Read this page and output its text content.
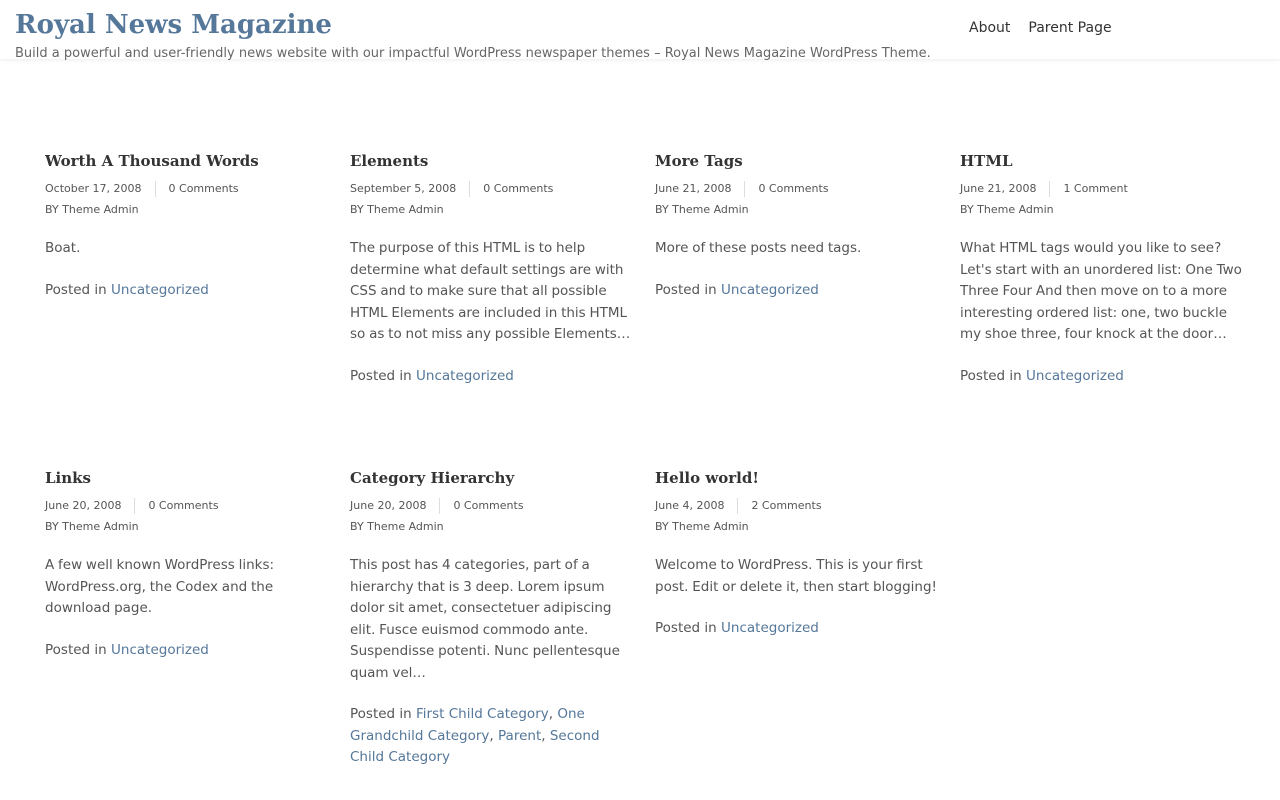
Royal News Magazine

Build a powerful and user-friendly news website with our impactful WordPress newspaper themes – Royal News Magazine WordPress Theme.

About Parent Page
Worth A Thousand Words
October 17, 2008 0 Comments
BY Theme Admin

Boat.

Posted in Uncategorized
Elements
September 5, 2008 0 Comments
BY Theme Admin

The purpose of this HTML is to help determine what default settings are with CSS and to make sure that all possible HTML Elements are included in this HTML so as to not miss any possible Elements…

Posted in Uncategorized
More Tags
June 21, 2008 0 Comments
BY Theme Admin

More of these posts need tags.

Posted in Uncategorized
HTML
June 21, 2008 1 Comment
BY Theme Admin

What HTML tags would you like to see? Let's start with an unordered list: One Two Three Four And then move on to a more interesting ordered list: one, two buckle my shoe three, four knock at the door…

Posted in Uncategorized
Links
June 20, 2008 0 Comments
BY Theme Admin

A few well known WordPress links: WordPress.org, the Codex and the download page.

Posted in Uncategorized
Category Hierarchy
June 20, 2008 0 Comments
BY Theme Admin

This post has 4 categories, part of a hierarchy that is 3 deep. Lorem ipsum dolor sit amet, consectetuer adipiscing elit. Fusce euismod commodo ante. Suspendisse potenti. Nunc pellentesque quam vel…

Posted in First Child Category, One Grandchild Category, Parent, Second Child Category
Hello world!
June 4, 2008 2 Comments
BY Theme Admin

Welcome to WordPress. This is your first post. Edit or delete it, then start blogging!

Posted in Uncategorized
